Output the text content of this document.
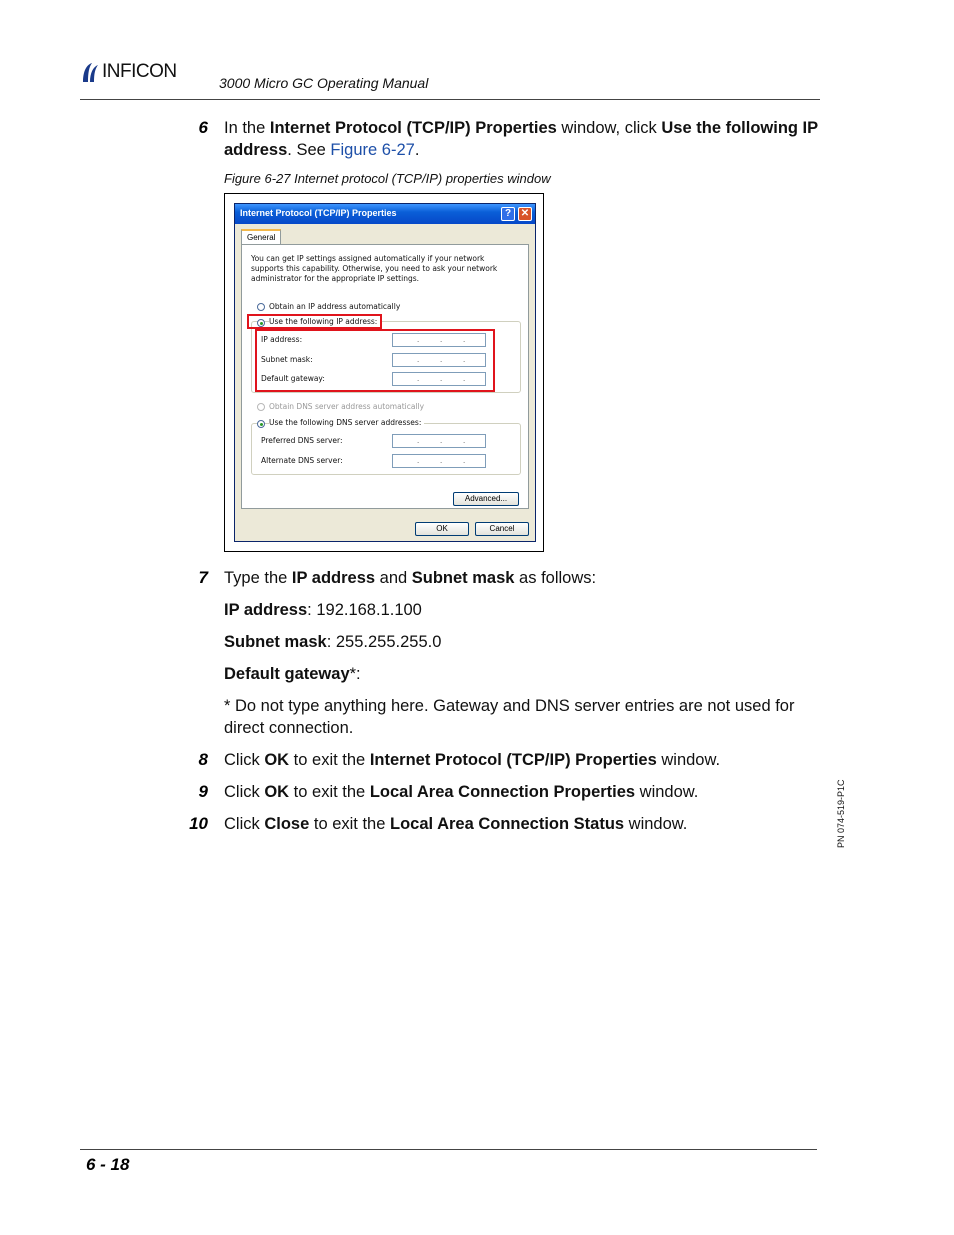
INFICON
3000 Micro GC Operating Manual
6 In the Internet Protocol (TCP/IP) Properties window, click Use the following IP address. See Figure 6-27.
Figure 6-27 Internet protocol (TCP/IP) properties window
Internet Protocol (TCP/IP) Properties	? ✕
General
You can get IP settings assigned automatically if your network supports this capability. Otherwise, you need to ask your network administrator for the appropriate IP settings.
Obtain an IP address automatically
Use the following IP address:
IP address:	.	.	.
Subnet mask:	.	.	.
Default gateway:	.	.	.
Obtain DNS server address automatically
Use the following DNS server addresses:
Preferred DNS server:	.	.	.
Alternate DNS server:	.	.	.
Advanced...
OK	Cancel
7 Type the IP address and Subnet mask as follows:
IP address: 192.168.1.100
Subnet mask: 255.255.255.0
Default gateway*:
* Do not type anything here. Gateway and DNS server entries are not used for direct connection.
8 Click OK to exit the Internet Protocol (TCP/IP) Properties window.
9 Click OK to exit the Local Area Connection Properties window.
10 Click Close to exit the Local Area Connection Status window.	PN 074-519-P1C
6 - 18
